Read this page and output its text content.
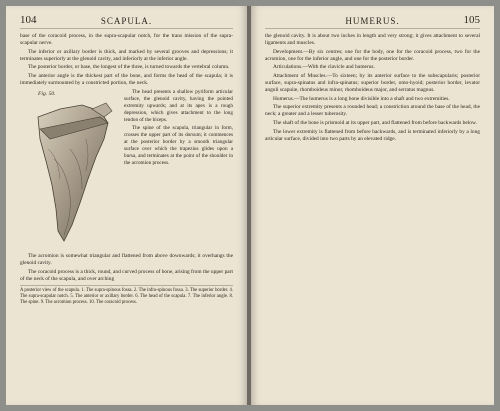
104	SCAPULA.

base of the coracoid process, in the supra-scapular notch, for the trans mission of the supra-scapular nerve.

The inferior or axillary border is thick, and marked by several grooves and depressions; it terminates superiorly at the glenoid cavity, and inferiorly at the inferior angle.

The posterior border, or base, the longest of the three, is turned towards the vertebral column.

The anterior angle is the thickest part of the bone, and forms the head of the scapula; it is immediately surmounted by a constricted portion, the neck.

Fig. 50.	The head presents a shallow pyriform articular surface, the glenoid cavity, having the pointed extremity upwards; and at its apex is a rough depression, which gives attachment to the long tendon of the biceps.

The spine of the scapula, triangular in form, crosses the upper part of its dorsum; it commences at the posterior border by a smooth triangular surface over which the trapezius glides upon a bursa, and terminates at the point of the shoulder in the acromion process.

The acromion is somewhat triangular and flattened from above downwards; it overhangs the glenoid cavity.

The coracoid process is a thick, round, and curved process of bone, arising from the upper part of the neck of the scapula, and over arching

A posterior view of the scapula. 1. The supra-spinous fossa. 2. The infra-spinous fossa. 3. The superior border. 4. The supra-scapular notch. 5. The anterior or axillary border. 6. The head of the scapula. 7. The inferior angle. 8. The spine. 9. The acromion process. 10. The coracoid process.
HUMERUS.	105

the glenoid cavity. It is about two inches in length and very strong; it gives attachment to several ligaments and muscles.

Development.—By six centres; one for the body, one for the coracoid process, two for the acromion, one for the inferior angle, and one for the posterior border.

Articulations.—With the clavicle and humerus.

Attachment of Muscles.—To sixteen; by its anterior surface to the subscapularis; posterior surface, supra-spinatus and infra-spinatus; superior border, omo-hyoid; posterior border, levator anguli scapulæ, rhomboideus minor, rhomboideus major, and serratus magnus.

Humerus.—The humerus is a long bone divisible into a shaft and two extremities.

The superior extremity presents a rounded head; a constriction around the base of the head, the neck; a greater and a lesser tuberosity.

The shaft of the bone is prismoid at its upper part, and flattened from before backwards below.

The lower extremity is flattened from before backwards, and is terminated inferiorly by a long articular surface, divided into two parts by an elevated ridge.
